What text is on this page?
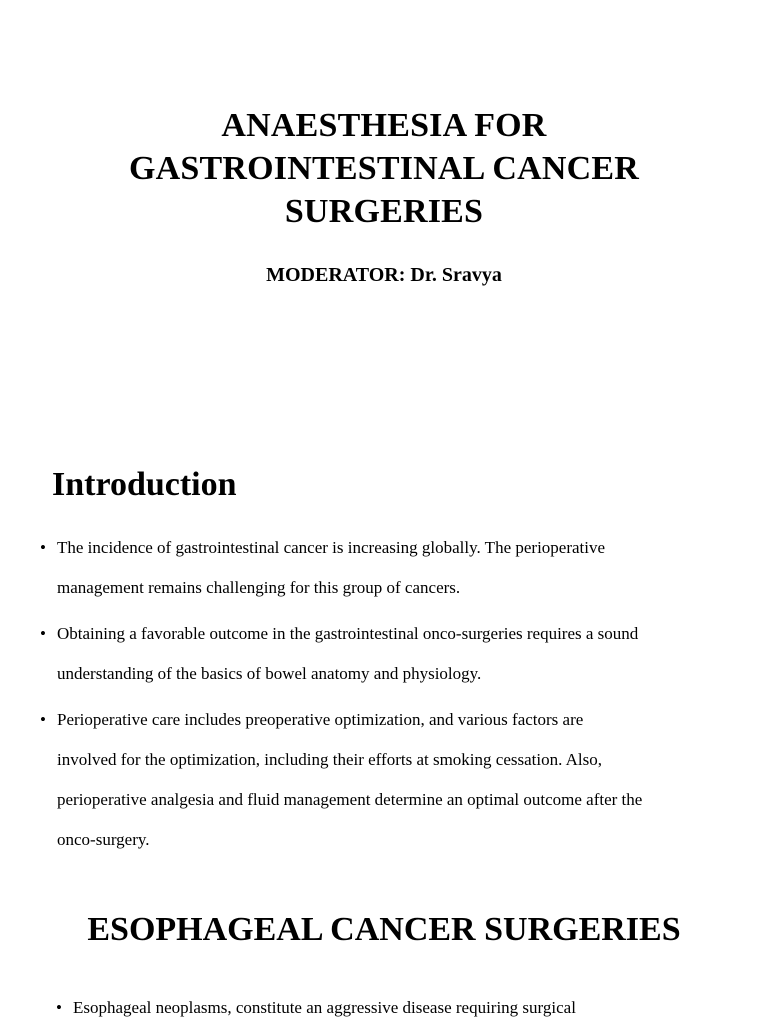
ANAESTHESIA FOR
GASTROINTESTINAL CANCER
SURGERIES

MODERATOR: Dr. Sravya

Introduction
• The incidence of gastrointestinal cancer is increasing globally. The perioperative
management remains challenging for this group of cancers.
• Obtaining a favorable outcome in the gastrointestinal onco-surgeries requires a sound
understanding of the basics of bowel anatomy and physiology.
• Perioperative care includes preoperative optimization, and various factors are
involved for the optimization, including their efforts at smoking cessation. Also,
perioperative analgesia and fluid management determine an optimal outcome after the
onco-surgery.
ESOPHAGEAL CANCER SURGERIES
• Esophageal neoplasms, constitute an aggressive disease requiring surgical
